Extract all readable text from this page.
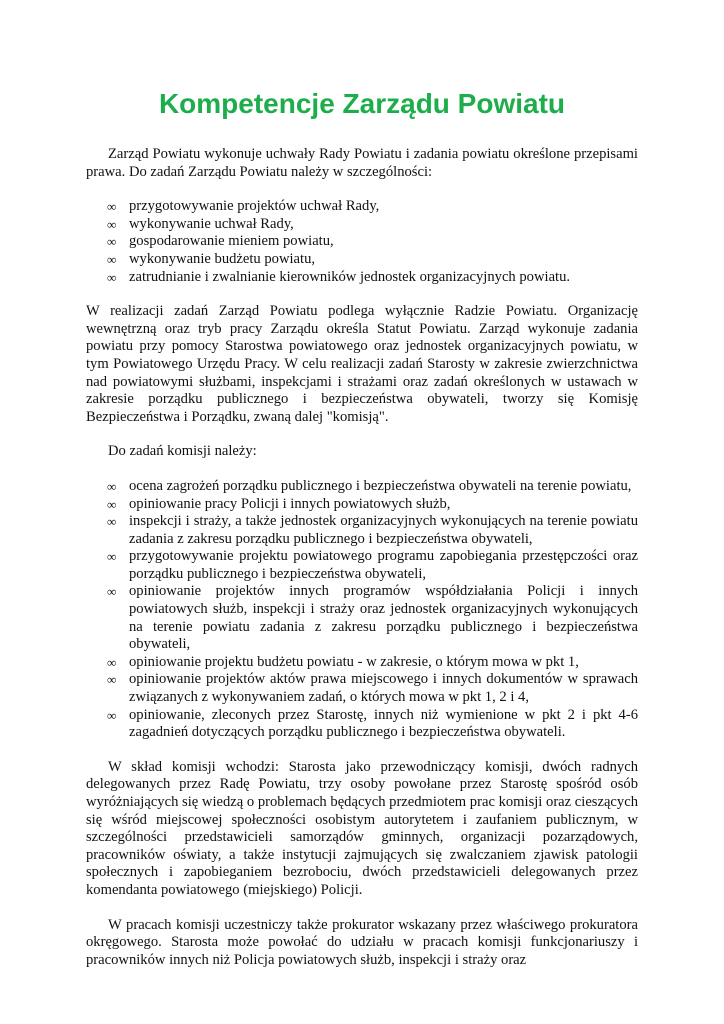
Kompetencje Zarządu Powiatu

Zarząd Powiatu wykonuje uchwały Rady Powiatu i zadania powiatu określone przepisami prawa. Do zadań Zarządu Powiatu należy w szczególności:

∞ przygotowywanie projektów uchwał Rady,
∞ wykonywanie uchwał Rady,
∞ gospodarowanie mieniem powiatu,
∞ wykonywanie budżetu powiatu,
∞ zatrudnianie i zwalnianie kierowników jednostek organizacyjnych powiatu.

W realizacji zadań Zarząd Powiatu podlega wyłącznie Radzie Powiatu. Organizację wewnętrzną oraz tryb pracy Zarządu określa Statut Powiatu. Zarząd wykonuje zadania powiatu przy pomocy Starostwa powiatowego oraz jednostek organizacyjnych powiatu, w tym Powiatowego Urzędu Pracy. W celu realizacji zadań Starosty w zakresie zwierzchnictwa nad powiatowymi służbami, inspekcjami i strażami oraz zadań określonych w ustawach w zakresie porządku publicznego i bezpieczeństwa obywateli, tworzy się Komisję Bezpieczeństwa i Porządku, zwaną dalej "komisją".

Do zadań komisji należy:

∞ ocena zagrożeń porządku publicznego i bezpieczeństwa obywateli na terenie powiatu,
∞ opiniowanie pracy Policji i innych powiatowych służb,
∞ inspekcji i straży, a także jednostek organizacyjnych wykonujących na terenie powiatu zadania z zakresu porządku publicznego i bezpieczeństwa obywateli,
∞ przygotowywanie projektu powiatowego programu zapobiegania przestępczości oraz porządku publicznego i bezpieczeństwa obywateli,
∞ opiniowanie projektów innych programów współdziałania Policji i innych powiatowych służb, inspekcji i straży oraz jednostek organizacyjnych wykonujących na terenie powiatu zadania z zakresu porządku publicznego i bezpieczeństwa obywateli,
∞ opiniowanie projektu budżetu powiatu - w zakresie, o którym mowa w pkt 1,
∞ opiniowanie projektów aktów prawa miejscowego i innych dokumentów w sprawach związanych z wykonywaniem zadań, o których mowa w pkt 1, 2 i 4,
∞ opiniowanie, zleconych przez Starostę, innych niż wymienione w pkt 2 i pkt 4-6 zagadnień dotyczących porządku publicznego i bezpieczeństwa obywateli.

W skład komisji wchodzi: Starosta jako przewodniczący komisji, dwóch radnych delegowanych przez Radę Powiatu, trzy osoby powołane przez Starostę spośród osób wyróżniających się wiedzą o problemach będących przedmiotem prac komisji oraz cieszących się wśród miejscowej społeczności osobistym autorytetem i zaufaniem publicznym, w szczególności przedstawicieli samorządów gminnych, organizacji pozarządowych, pracowników oświaty, a także instytucji zajmujących się zwalczaniem zjawisk patologii społecznych i zapobieganiem bezrobociu, dwóch przedstawicieli delegowanych przez komendanta powiatowego (miejskiego) Policji.

W pracach komisji uczestniczy także prokurator wskazany przez właściwego prokuratora okręgowego. Starosta może powołać do udziału w pracach komisji funkcjonariuszy i pracowników innych niż Policja powiatowych służb, inspekcji i straży oraz
